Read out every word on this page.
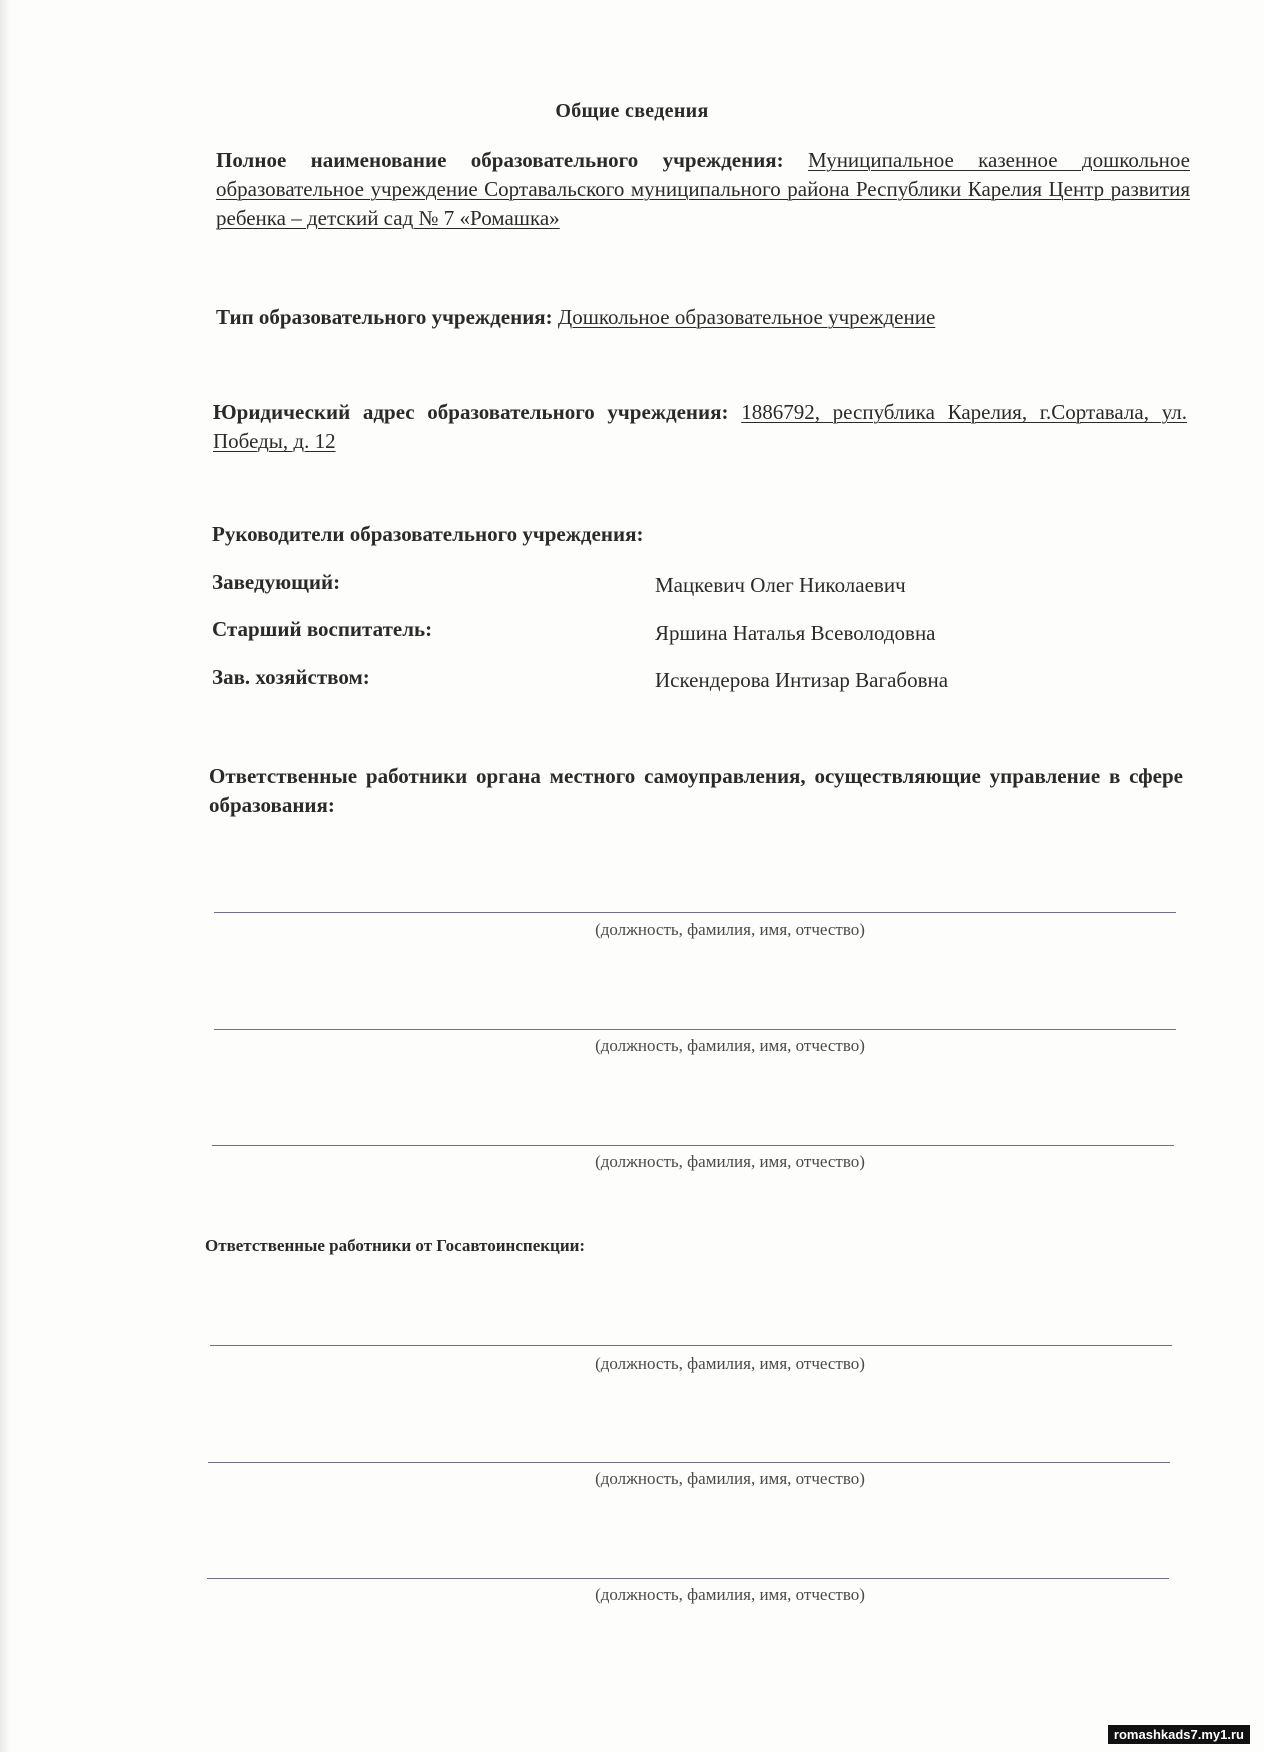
Общие сведения
Полное наименование образовательного учреждения: Муниципальное казенное дошкольное образовательное учреждение Сортавальского муниципального района Республики Карелия Центр развития ребенка – детский сад № 7 «Ромашка»
Тип образовательного учреждения: Дошкольное образовательное учреждение
Юридический адрес образовательного учреждения: 1886792, республика Карелия, г.Сортавала, ул. Победы, д. 12
Руководители образовательного учреждения:
Заведующий:	Мацкевич Олег Николаевич
Старший воспитатель:	Яршина Наталья Всеволодовна
Зав. хозяйством:	Искендерова Интизар Вагабовна
Ответственные работники органа местного самоуправления, осуществляющие управление в сфере образования:
(должность, фамилия, имя, отчество)
(должность, фамилия, имя, отчество)
(должность, фамилия, имя, отчество)
Ответственные работники от Госавтоинспекции:
(должность, фамилия, имя, отчество)
(должность, фамилия, имя, отчество)
(должность, фамилия, имя, отчество)
romashkads7.my1.ru
